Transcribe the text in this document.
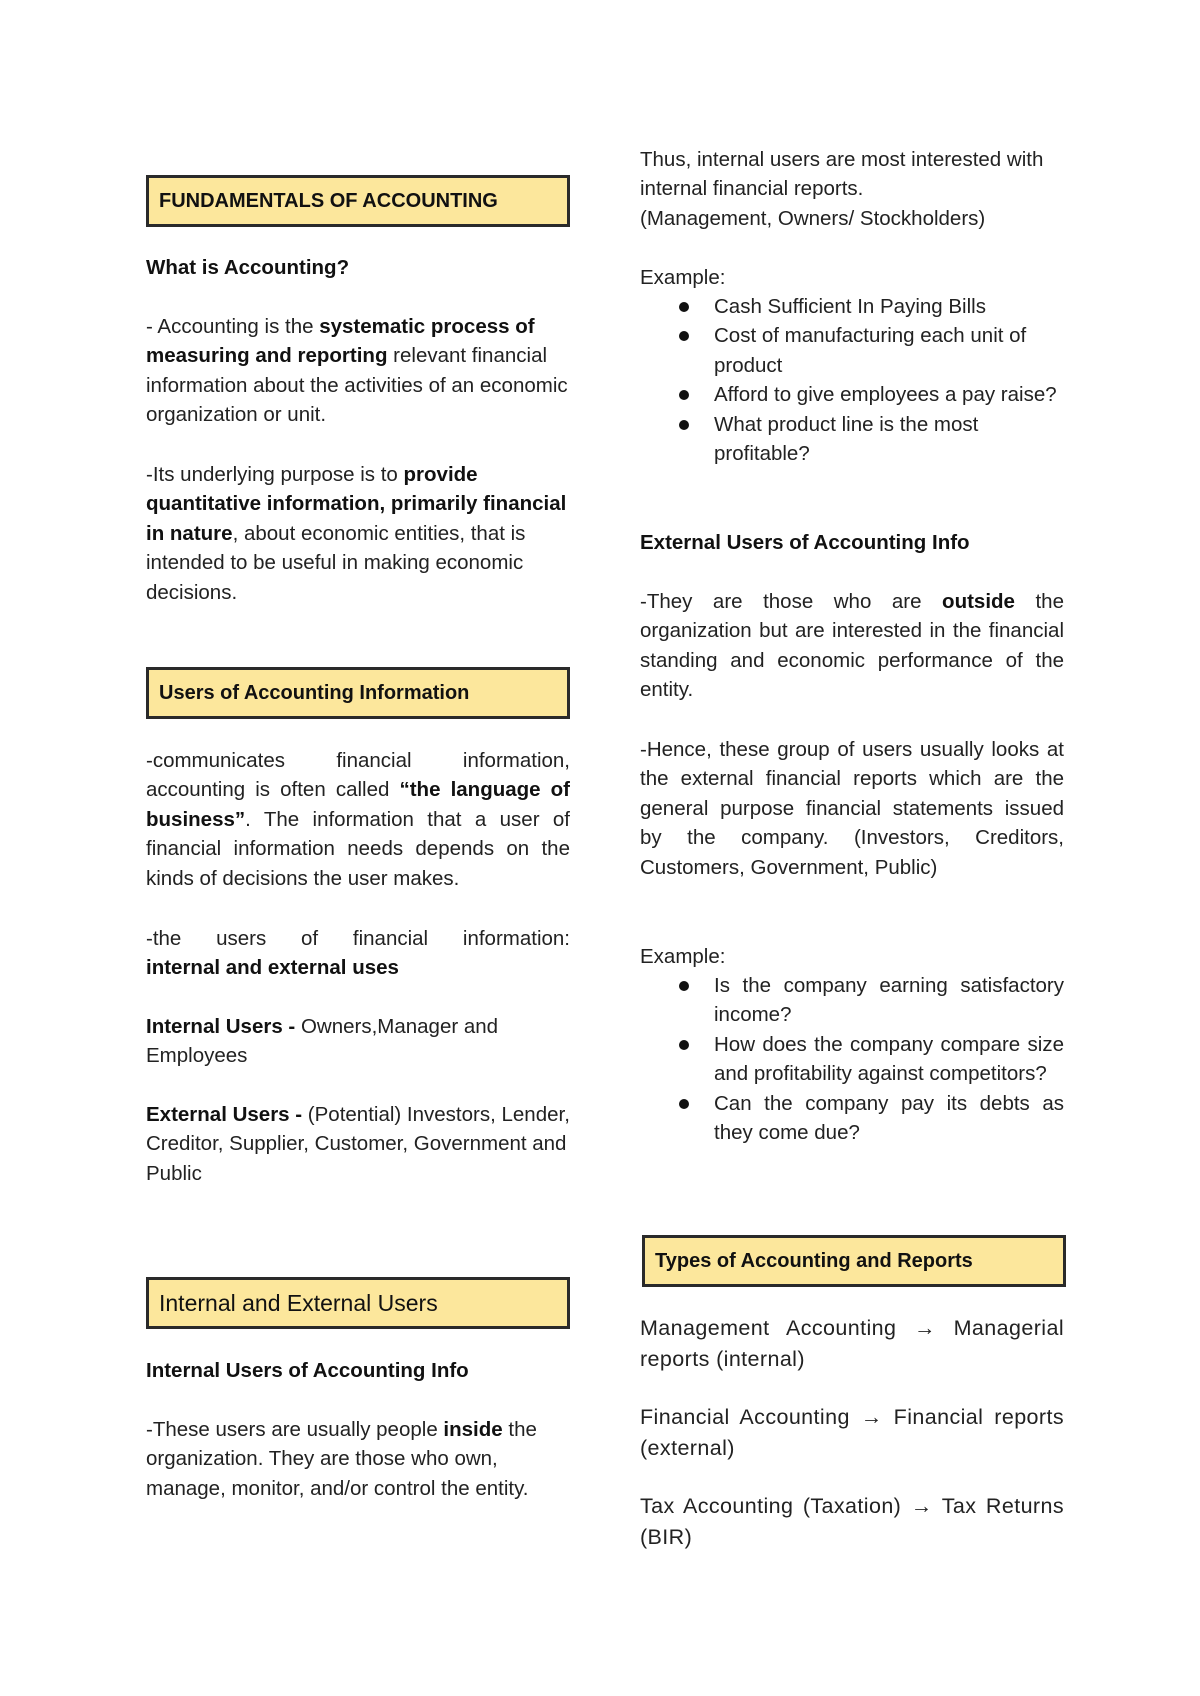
FUNDAMENTALS OF ACCOUNTING

What is Accounting?

- Accounting is the systematic process of measuring and reporting relevant financial information about the activities of an economic organization or unit.

-Its underlying purpose is to provide quantitative information, primarily financial in nature, about economic entities, that is intended to be useful in making economic decisions.

Users of Accounting Information

-communicates financial information, accounting is often called “the language of business”. The information that a user of financial information needs depends on the kinds of decisions the user makes.

-the users of financial information:

internal and external uses

Internal Users - Owners,Manager and Employees

External Users - (Potential) Investors, Lender, Creditor, Supplier, Customer, Government and Public

Internal and External Users

Internal Users of Accounting Info

-These users are usually people inside the organization. They are those who own, manage, monitor, and/or control the entity.

Thus, internal users are most interested with internal financial reports.

(Management, Owners/ Stockholders)

Example:

Cash Sufficient In Paying Bills
Cost of manufacturing each unit of product
Afford to give employees a pay raise?
What product line is the most profitable?

External Users of Accounting Info

-They are those who are outside the organization but are interested in the financial standing and economic performance of the entity.

-Hence, these group of users usually looks at the external financial reports which are the general purpose financial statements issued by the company. (Investors, Creditors, Customers, Government, Public)

Example:

Is the company earning satisfactory income?
How does the company compare size and profitability against competitors?
Can the company pay its debts as they come due?
Types of Accounting and Reports

Management Accounting → Managerial reports (internal)

Financial Accounting → Financial reports (external)

Tax Accounting (Taxation) → Tax Returns (BIR)
